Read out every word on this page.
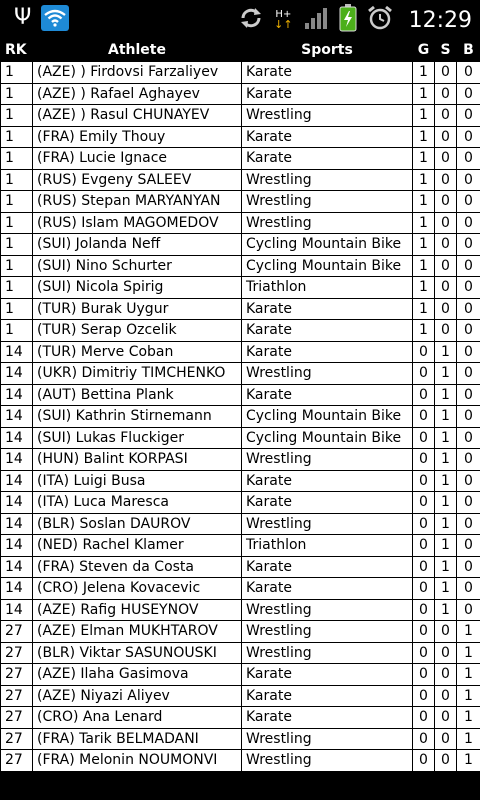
Ψ	H+
↓↑	12:29
RK	Athlete	Sports	G	S	B
1	(AZE) ) Firdovsi Farzaliyev	Karate	1	0	0
1	(AZE) ) Rafael Aghayev	Karate	1	0	0
1	(AZE) ) Rasul CHUNAYEV	Wrestling	1	0	0
1	(FRA) Emily Thouy	Karate	1	0	0
1	(FRA) Lucie Ignace	Karate	1	0	0
1	(RUS) Evgeny SALEEV	Wrestling	1	0	0
1	(RUS) Stepan MARYANYAN	Wrestling	1	0	0
1	(RUS) Islam MAGOMEDOV	Wrestling	1	0	0
1	(SUI) Jolanda Neff	Cycling Mountain Bike	1	0	0
1	(SUI) Nino Schurter	Cycling Mountain Bike	1	0	0
1	(SUI) Nicola Spirig	Triathlon	1	0	0
1	(TUR) Burak Uygur	Karate	1	0	0
1	(TUR) Serap Ozcelik	Karate	1	0	0
14	(TUR) Merve Coban	Karate	0	1	0
14	(UKR) Dimitriy TIMCHENKO	Wrestling	0	1	0
14	(AUT) Bettina Plank	Karate	0	1	0
14	(SUI) Kathrin Stirnemann	Cycling Mountain Bike	0	1	0
14	(SUI) Lukas Fluckiger	Cycling Mountain Bike	0	1	0
14	(HUN) Balint KORPASI	Wrestling	0	1	0
14	(ITA) Luigi Busa	Karate	0	1	0
14	(ITA) Luca Maresca	Karate	0	1	0
14	(BLR) Soslan DAUROV	Wrestling	0	1	0
14	(NED) Rachel Klamer	Triathlon	0	1	0
14	(FRA) Steven da Costa	Karate	0	1	0
14	(CRO) Jelena Kovacevic	Karate	0	1	0
14	(AZE) Rafig HUSEYNOV	Wrestling	0	1	0
27	(AZE) Elman MUKHTAROV	Wrestling	0	0	1
27	(BLR) Viktar SASUNOUSKI	Wrestling	0	0	1
27	(AZE) Ilaha Gasimova	Karate	0	0	1
27	(AZE) Niyazi Aliyev	Karate	0	0	1
27	(CRO) Ana Lenard	Karate	0	0	1
27	(FRA) Tarik BELMADANI	Wrestling	0	0	1
27	(FRA) Melonin NOUMONVI	Wrestling	0	0	1
